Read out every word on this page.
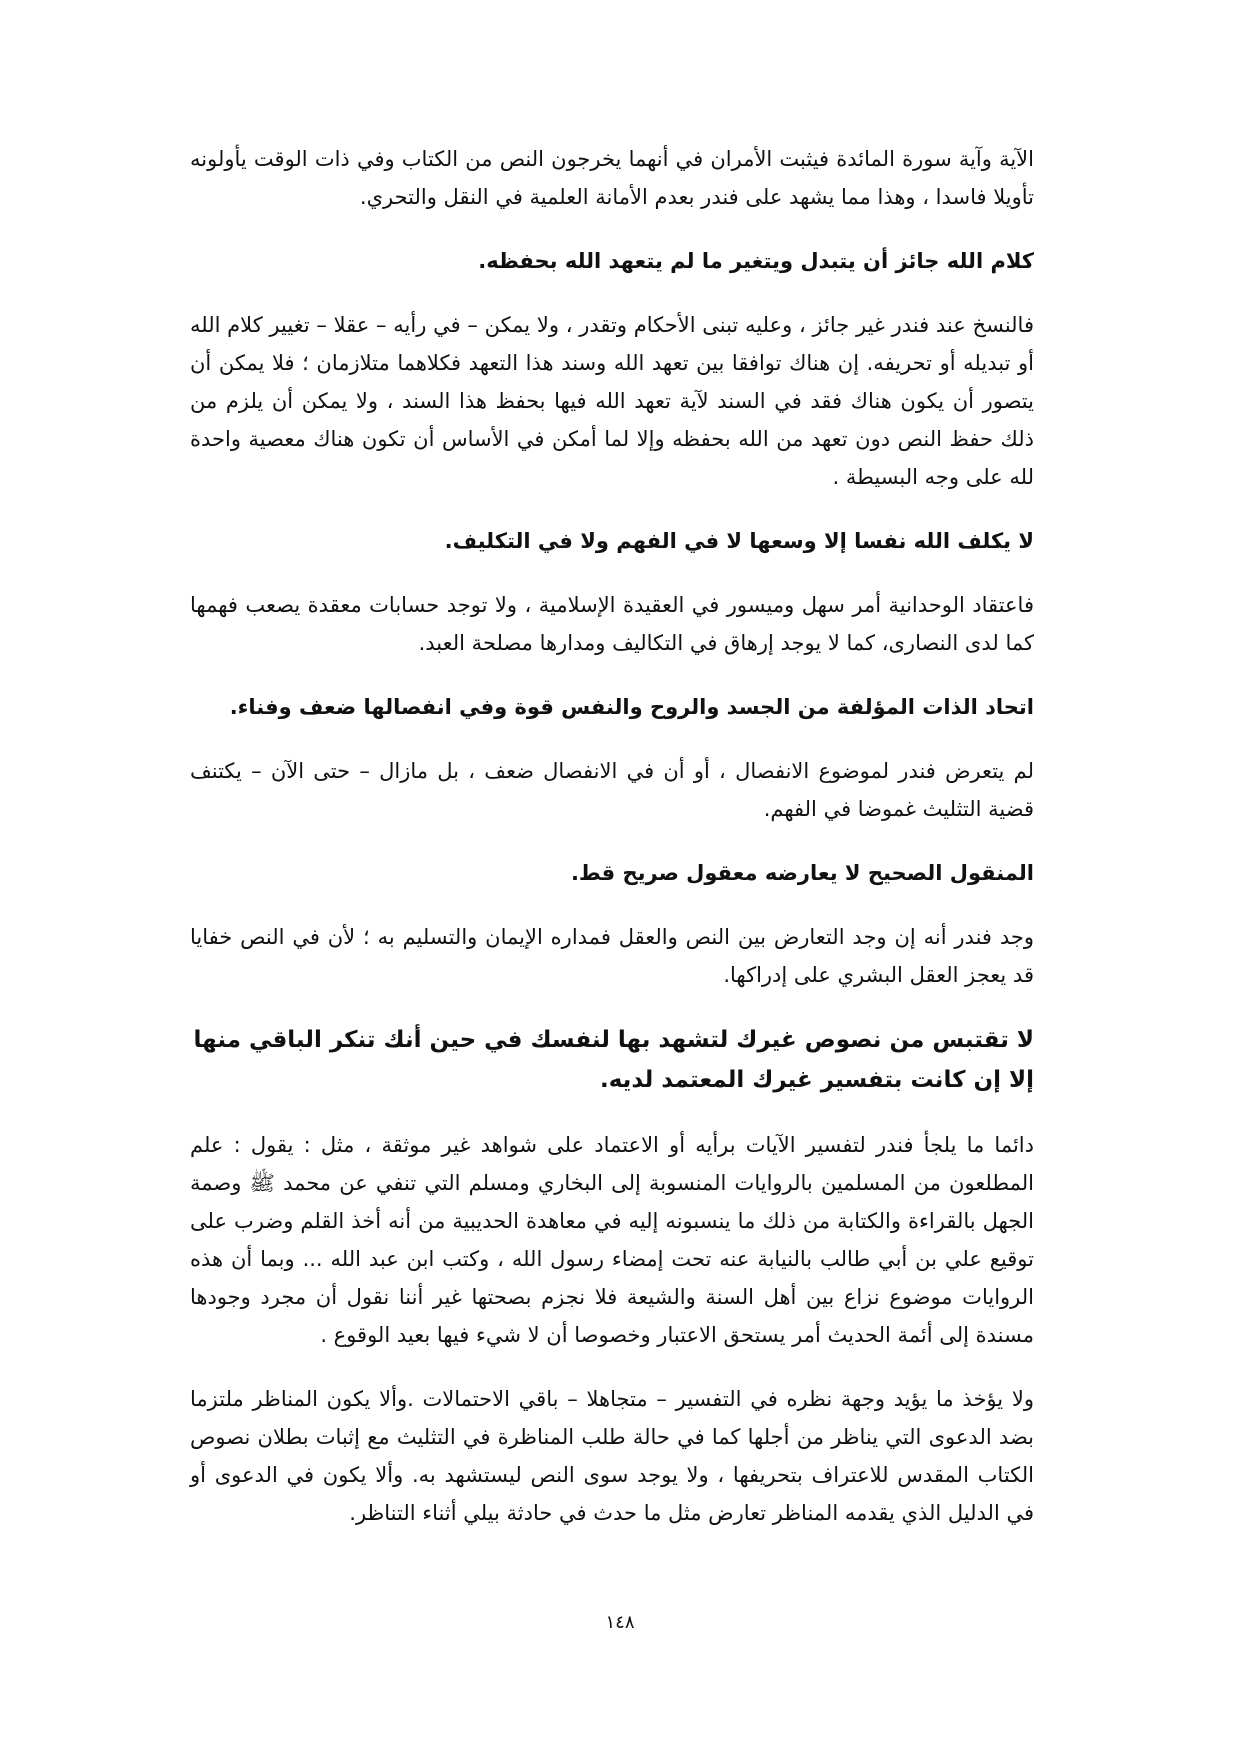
الآية وآية سورة المائدة فيثبت الأمران في أنهما يخرجون النص من الكتاب وفي ذات الوقت يأولونه تأويلا فاسدا ، وهذا مما يشهد على فندر بعدم الأمانة العلمية في النقل والتحري.

كلام الله جائز أن يتبدل ويتغير ما لم يتعهد الله بحفظه.

فالنسخ عند فندر غير جائز ، وعليه تبنى الأحكام وتقدر ، ولا يمكن – في رأيه – عقلا – تغيير كلام الله أو تبديله أو تحريفه. إن هناك توافقا بين تعهد الله وسند هذا التعهد فكلاهما متلازمان ؛ فلا يمكن أن يتصور أن يكون هناك فقد في السند لآية تعهد الله فيها بحفظ هذا السند ، ولا يمكن أن يلزم من ذلك حفظ النص دون تعهد من الله بحفظه وإلا لما أمكن في الأساس أن تكون هناك معصية واحدة لله على وجه البسيطة .

لا يكلف الله نفسا إلا وسعها لا في الفهم ولا في التكليف.

فاعتقاد الوحدانية أمر سهل وميسور في العقيدة الإسلامية ، ولا توجد حسابات معقدة يصعب فهمها كما لدى النصارى، كما لا يوجد إرهاق في التكاليف ومدارها مصلحة العبد.

اتحاد الذات المؤلفة من الجسد والروح والنفس قوة وفي انفصالها ضعف وفناء.

لم يتعرض فندر لموضوع الانفصال ، أو أن في الانفصال ضعف ، بل مازال – حتى الآن – يكتنف قضية التثليث غموضا في الفهم.

المنقول الصحيح لا يعارضه معقول صريح قط.

وجد فندر أنه إن وجد التعارض بين النص والعقل فمداره الإيمان والتسليم به ؛ لأن في النص خفايا قد يعجز العقل البشري على إدراكها.

لا تقتبس من نصوص غيرك لتشهد بها لنفسك في حين أنك تنكر الباقي منها إلا إن كانت بتفسير غيرك المعتمد لديه.

دائما ما يلجأ فندر لتفسير الآيات برأيه أو الاعتماد على شواهد غير موثقة ، مثل : يقول : علم المطلعون من المسلمين بالروايات المنسوبة إلى البخاري ومسلم التي تنفي عن محمد ﷺ وصمة الجهل بالقراءة والكتابة من ذلك ما ينسبونه إليه في معاهدة الحديبية من أنه أخذ القلم وضرب على توقيع علي بن أبي طالب بالنيابة عنه تحت إمضاء رسول الله ، وكتب ابن عبد الله ... وبما أن هذه الروايات موضوع نزاع بين أهل السنة والشيعة فلا نجزم بصحتها غير أننا نقول أن مجرد وجودها مسندة إلى أئمة الحديث أمر يستحق الاعتبار وخصوصا أن لا شيء فيها بعيد الوقوع .

ولا يؤخذ ما يؤيد وجهة نظره في التفسير – متجاهلا – باقي الاحتمالات .وألا يكون المناظر ملتزما بضد الدعوى التي يناظر من أجلها كما في حالة طلب المناظرة في التثليث مع إثبات بطلان نصوص الكتاب المقدس للاعتراف بتحريفها ، ولا يوجد سوى النص ليستشهد به. وألا يكون في الدعوى أو في الدليل الذي يقدمه المناظر تعارض مثل ما حدث في حادثة بيلي أثناء التناظر.

١٤٨
